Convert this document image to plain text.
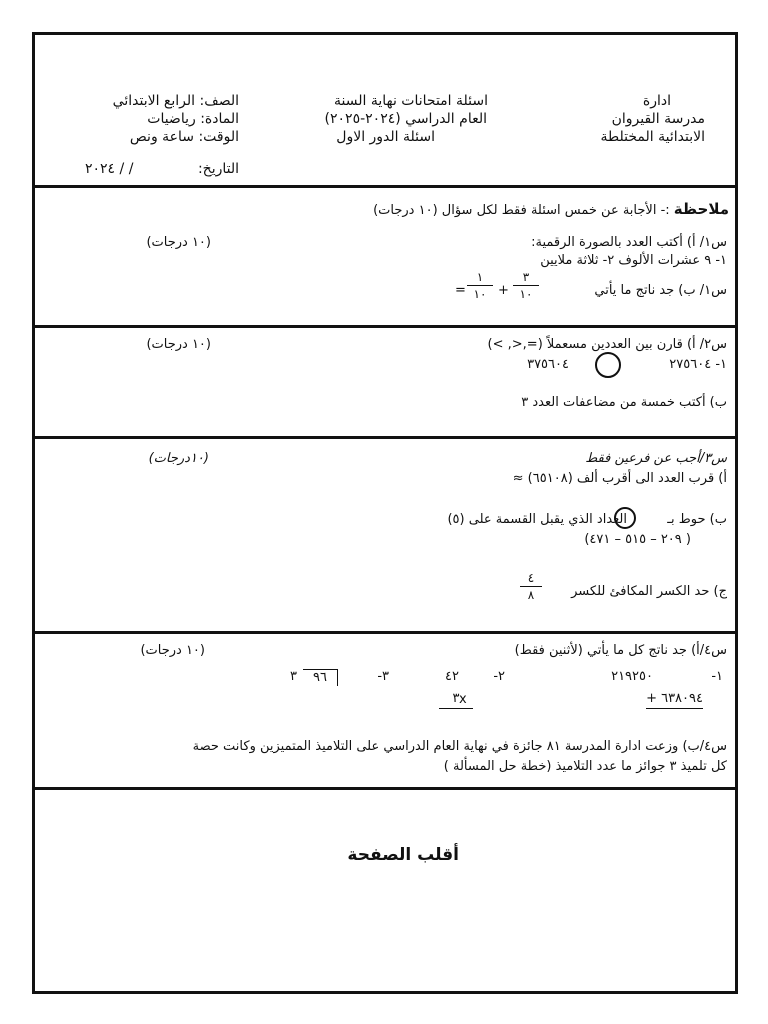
ادارة
مدرسة القيروان
الابتدائية المختلطة
اسئلة امتحانات نهاية السنة
العام الدراسي (٢٠٢٤-٢٠٢٥)
اسئلة الدور الاول
الصف: الرابع الابتدائي
المادة: رياضيات
الوقت: ساعة ونص
التاريخ:
/ / ٢٠٢٤
ملاحظة :- الأجابة عن خمس اسئلة فقط لكل سؤال (١٠ درجات)
(١٠ درجات)	س١/ أ) أكتب العدد بالصورة الرقمية:
١- ٩ عشرات الألوف ٢- ثلاثة ملايين
س١/ ب) جد ناتج ما يأتي
٣
١٠
+
١
١٠
=
(١٠ درجات)	س٢/ أ) قارن بين العددين مسعملاً (=,<, >)
١- ٢٧٥٦٠٤
٣٧٥٦٠٤
ب) أكتب خمسة من مضاعفات العدد ٣
(١٠درجات)	س٣/أجب عن فرعين فقط
أ) قرب العدد الى أقرب ألف (٦٥١٠٨) ≈
ب) حوط بـ
العداد الذي يقبل القسمة على (٥)
( ٢٠٩ – ٥١٥ – ٤٧١)
ج) حد الكسر المكافئ للكسر
٤
٨
(١٠ درجات)	س٤/أ) جد ناتج كل ما يأتي (لأثنين فقط)
١-
٢١٩٢٥٠
٦٣٨٠٩٤ +
٢-
٤٢
٣ x
٣-
٩٦
٣
س٤/ب) وزعت ادارة المدرسة ٨١ جائزة في نهاية العام الدراسي على التلاميذ المتميزين وكانت حصة
كل تلميذ ٣ جوائز ما عدد التلاميذ (خطة حل المسألة )
أقلب الصفحة
